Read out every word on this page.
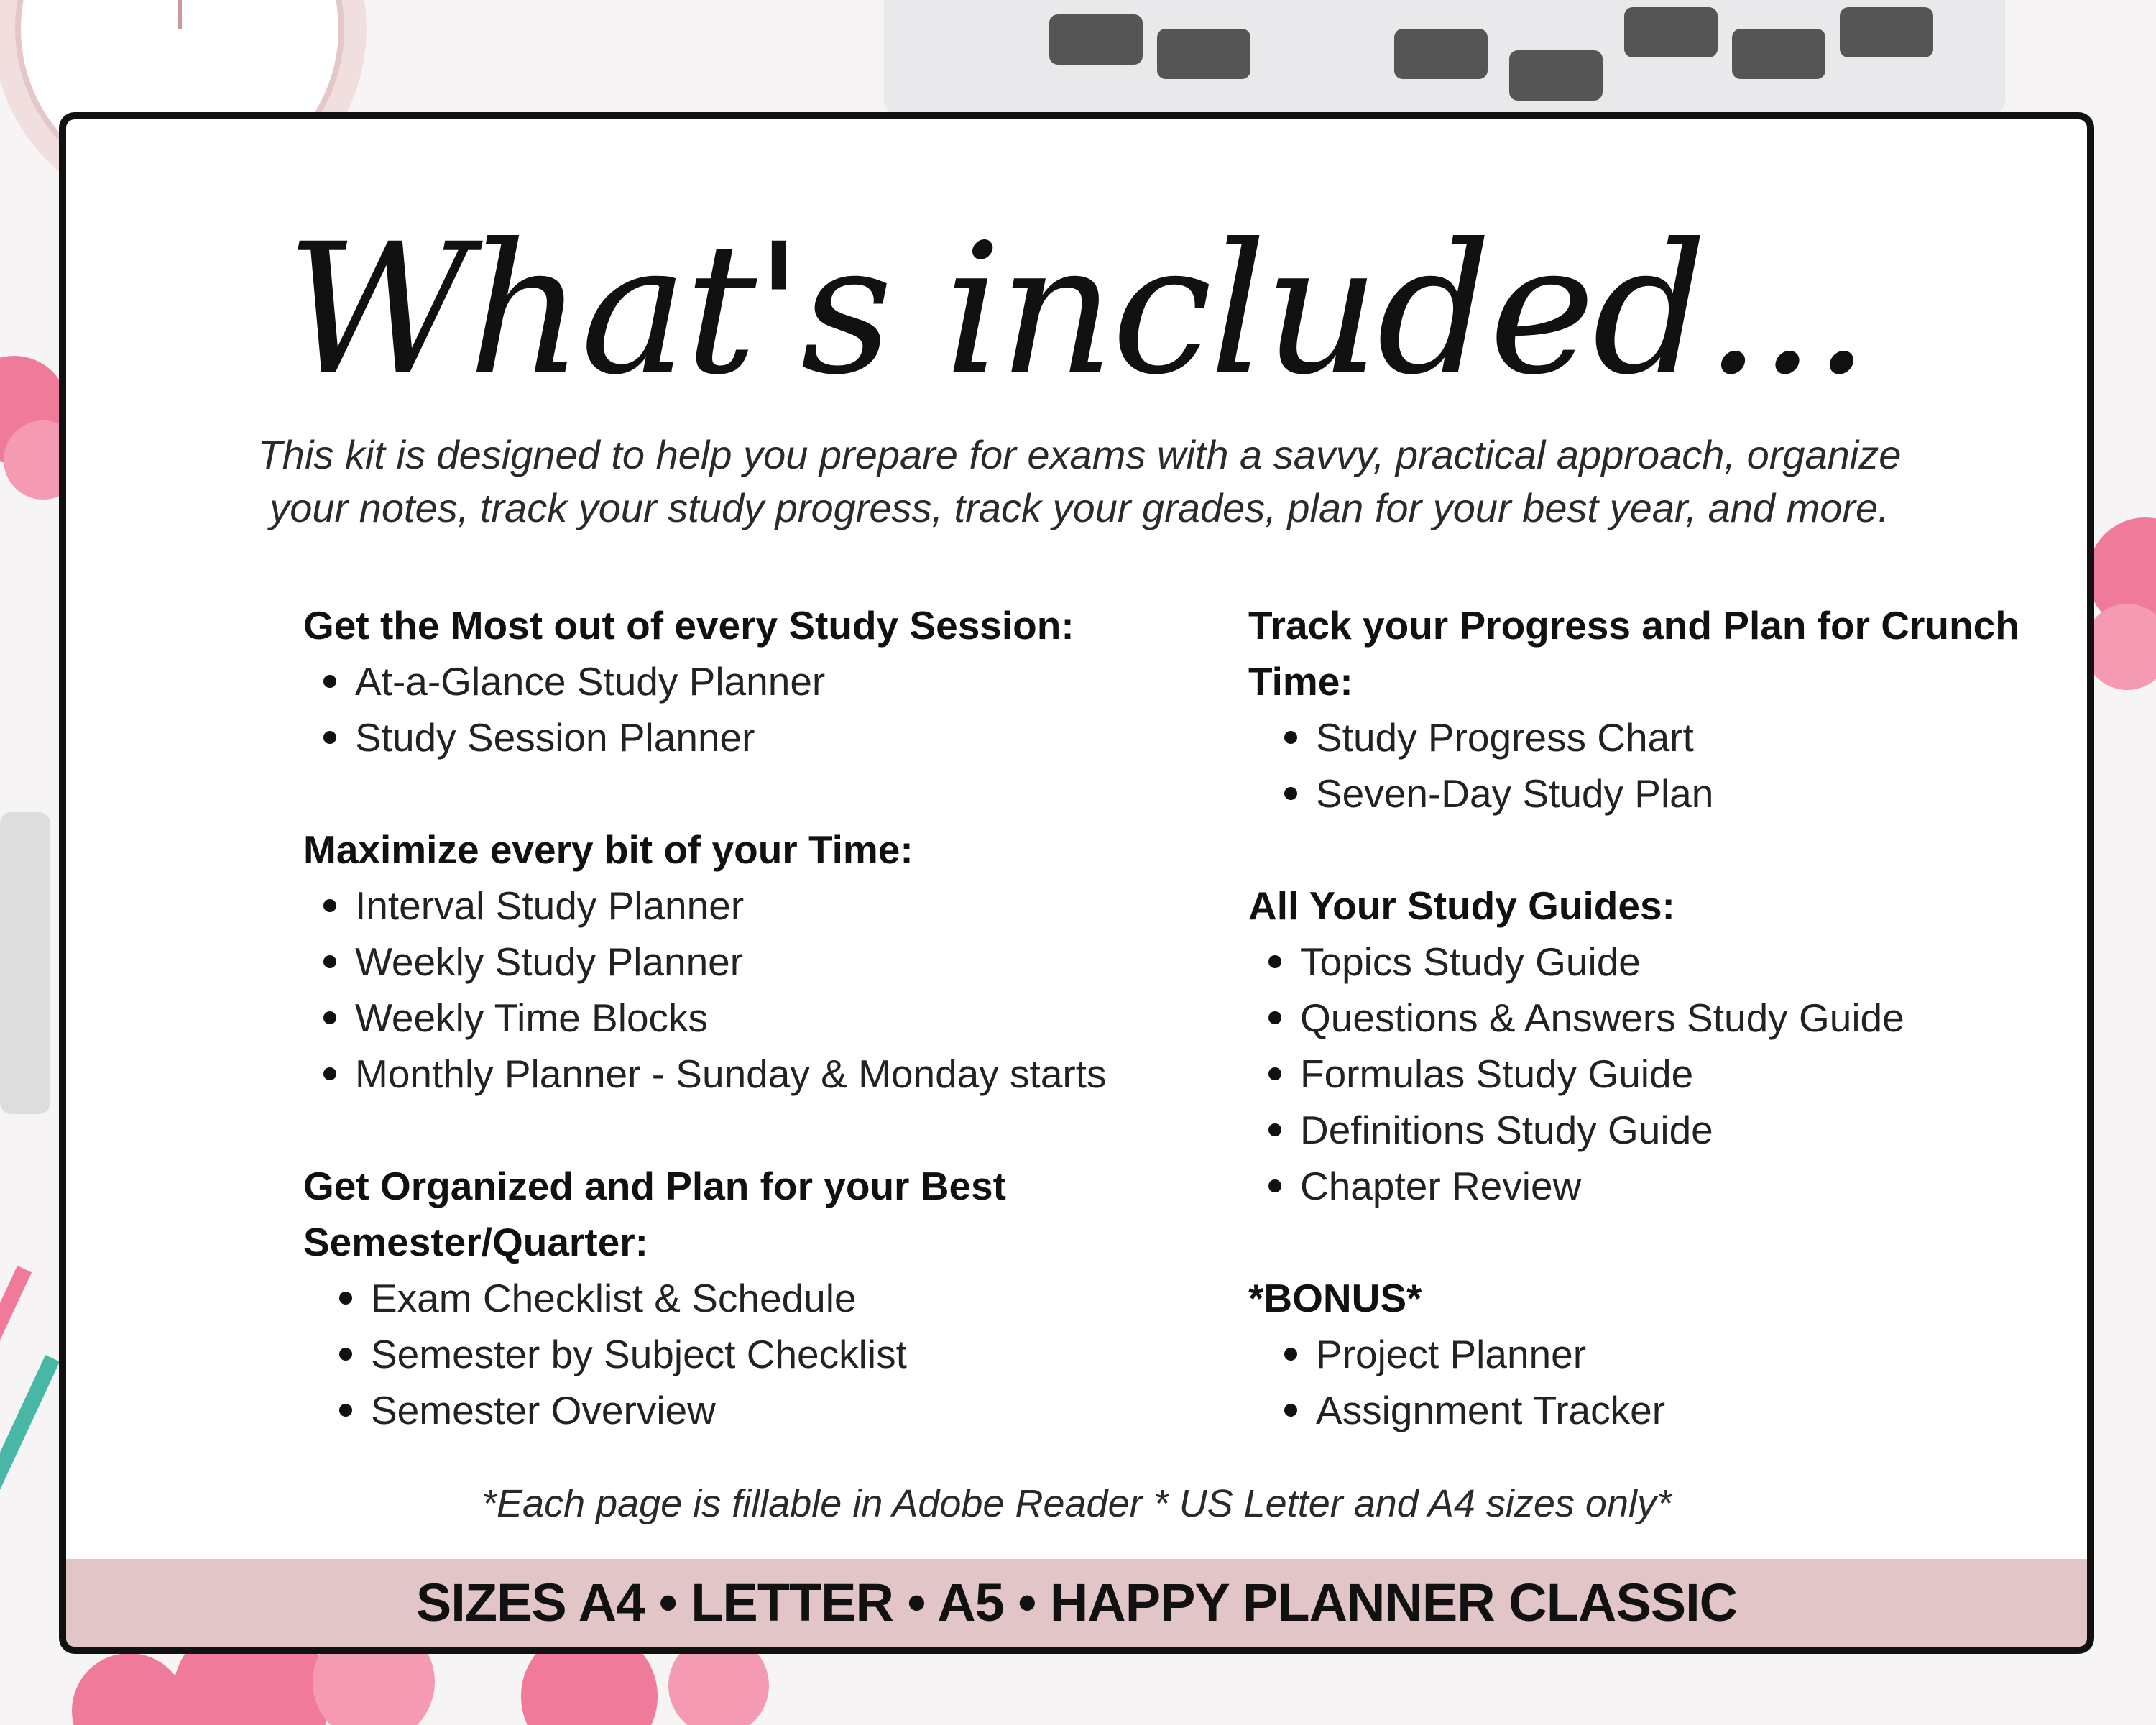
What's included...
This kit is designed to help you prepare for exams with a savvy, practical approach, organize your notes, track your study progress, track your grades, plan for your best year, and more.
Get the Most out of every Study Session:
At-a-Glance Study Planner
Study Session Planner
Maximize every bit of your Time:
Interval Study Planner
Weekly Study Planner
Weekly Time Blocks
Monthly Planner - Sunday & Monday starts
Get Organized and Plan for your Best Semester/Quarter:
Exam Checklist & Schedule
Semester by Subject Checklist
Semester Overview
Track your Progress and Plan for Crunch Time:
Study Progress Chart
Seven-Day Study Plan
All Your Study Guides:
Topics Study Guide
Questions & Answers Study Guide
Formulas Study Guide
Definitions Study Guide
Chapter Review
*BONUS*
Project Planner
Assignment Tracker
*Each page is fillable in Adobe Reader * US Letter and A4 sizes only*
SIZES A4 • LETTER • A5 • HAPPY PLANNER CLASSIC
